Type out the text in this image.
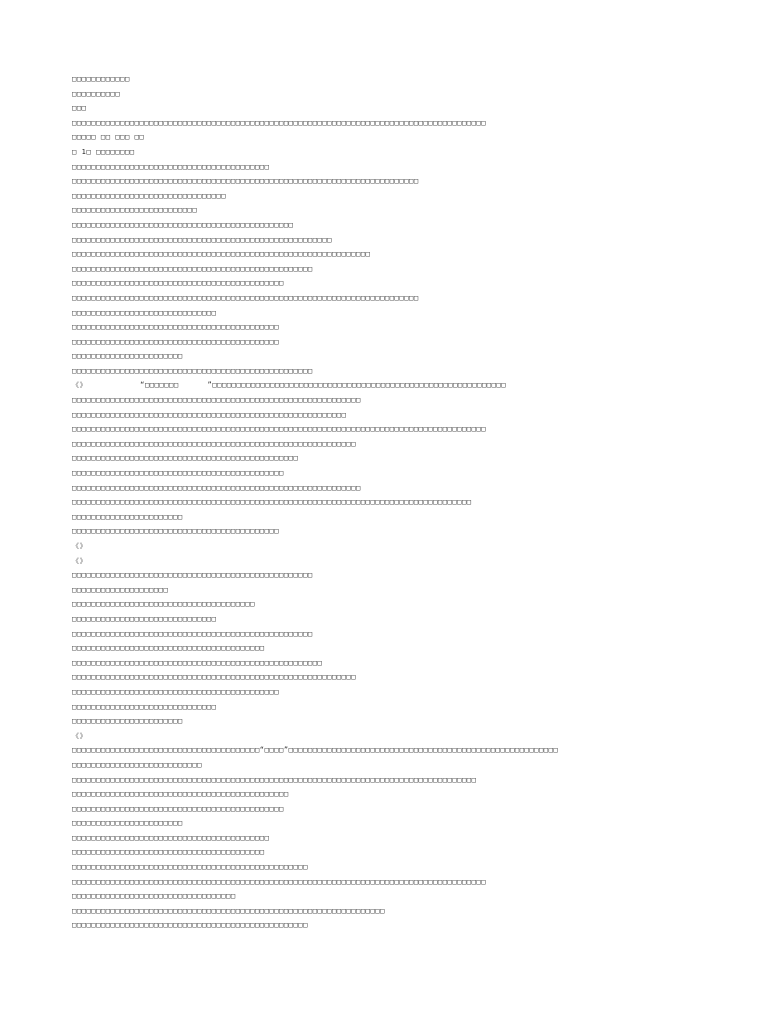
□□□□□□□□□□□□
□□□□□□□□□□
□□□
□□□□□□□□□□□□□□□□□□□□□□□□□□□□□□□□□□□□□□□□□□□□□□□□□□□□□□□□□□□□□□□□□□□□□□□□□□□□□□□□□□□□□□
□□□□□ □□ □□□ □□
□ 1□ □□□□□□□□
□□□□□□□□□□□□□□□□□□□□□□□□□□□□□□□□□□□□□□□□□
□□□□□□□□□□□□□□□□□□□□□□□□□□□□□□□□□□□□□□□□□□□□□□□□□□□□□□□□□□□□□□□□□□□□□□□□
□□□□□□□□□□□□□□□□□□□□□□□□□□□□□□□□
□□□□□□□□□□□□□□□□□□□□□□□□□□
□□□□□□□□□□□□□□□□□□□□□□□□□□□□□□□□□□□□□□□□□□□□□□
□□□□□□□□□□□□□□□□□□□□□□□□□□□□□□□□□□□□□□□□□□□□□□□□□□□□□□
□□□□□□□□□□□□□□□□□□□□□□□□□□□□□□□□□□□□□□□□□□□□□□□□□□□□□□□□□□□□□□
□□□□□□□□□□□□□□□□□□□□□□□□□□□□□□□□□□□□□□□□□□□□□□□□□□
□□□□□□□□□□□□□□□□□□□□□□□□□□□□□□□□□□□□□□□□□□□□
□□□□□□□□□□□□□□□□□□□□□□□□□□□□□□□□□□□□□□□□□□□□□□□□□□□□□□□□□□□□□□□□□□□□□□□□
□□□□□□□□□□□□□□□□□□□□□□□□□□□□□□
□□□□□□□□□□□□□□□□□□□□□□□□□□□□□□□□□□□□□□□□□□□
□□□□□□□□□□□□□□□□□□□□□□□□□□□□□□□□□□□□□□□□□□□
□□□□□□□□□□□□□□□□□□□□□□□
□□□□□□□□□□□□□□□□□□□□□□□□□□□□□□□□□□□□□□□□□□□□□□□□□□
《》           “□□□□□□□      ”□□□□□□□□□□□□□□□□□□□□□□□□□□□□□□□□□□□□□□□□□□□□□□□□□□□□□□□□□□□□□
□□□□□□□□□□□□□□□□□□□□□□□□□□□□□□□□□□□□□□□□□□□□□□□□□□□□□□□□□□□□
□□□□□□□□□□□□□□□□□□□□□□□□□□□□□□□□□□□□□□□□□□□□□□□□□□□□□□□□□
□□□□□□□□□□□□□□□□□□□□□□□□□□□□□□□□□□□□□□□□□□□□□□□□□□□□□□□□□□□□□□□□□□□□□□□□□□□□□□□□□□□□□□
□□□□□□□□□□□□□□□□□□□□□□□□□□□□□□□□□□□□□□□□□□□□□□□□□□□□□□□□□□□
□□□□□□□□□□□□□□□□□□□□□□□□□□□□□□□□□□□□□□□□□□□□□□□
□□□□□□□□□□□□□□□□□□□□□□□□□□□□□□□□□□□□□□□□□□□□
□□□□□□□□□□□□□□□□□□□□□□□□□□□□□□□□□□□□□□□□□□□□□□□□□□□□□□□□□□□□
□□□□□□□□□□□□□□□□□□□□□□□□□□□□□□□□□□□□□□□□□□□□□□□□□□□□□□□□□□□□□□□□□□□□□□□□□□□□□□□□□□□
□□□□□□□□□□□□□□□□□□□□□□□
□□□□□□□□□□□□□□□□□□□□□□□□□□□□□□□□□□□□□□□□□□□
《》
《》
□□□□□□□□□□□□□□□□□□□□□□□□□□□□□□□□□□□□□□□□□□□□□□□□□□
□□□□□□□□□□□□□□□□□□□□
□□□□□□□□□□□□□□□□□□□□□□□□□□□□□□□□□□□□□□
□□□□□□□□□□□□□□□□□□□□□□□□□□□□□□
□□□□□□□□□□□□□□□□□□□□□□□□□□□□□□□□□□□□□□□□□□□□□□□□□□
□□□□□□□□□□□□□□□□□□□□□□□□□□□□□□□□□□□□□□□□
□□□□□□□□□□□□□□□□□□□□□□□□□□□□□□□□□□□□□□□□□□□□□□□□□□□□
□□□□□□□□□□□□□□□□□□□□□□□□□□□□□□□□□□□□□□□□□□□□□□□□□□□□□□□□□□□
□□□□□□□□□□□□□□□□□□□□□□□□□□□□□□□□□□□□□□□□□□□
□□□□□□□□□□□□□□□□□□□□□□□□□□□□□□
□□□□□□□□□□□□□□□□□□□□□□□
《》
□□□□□□□□□□□□□□□□□□□□□□□□□□□□□□□□□□□□□□□“□□□□”□□□□□□□□□□□□□□□□□□□□□□□□□□□□□□□□□□□□□□□□□□□□□□□□□□□□□□□□
□□□□□□□□□□□□□□□□□□□□□□□□□□□
□□□□□□□□□□□□□□□□□□□□□□□□□□□□□□□□□□□□□□□□□□□□□□□□□□□□□□□□□□□□□□□□□□□□□□□□□□□□□□□□□□□□
□□□□□□□□□□□□□□□□□□□□□□□□□□□□□□□□□□□□□□□□□□□□□
□□□□□□□□□□□□□□□□□□□□□□□□□□□□□□□□□□□□□□□□□□□□
□□□□□□□□□□□□□□□□□□□□□□□
□□□□□□□□□□□□□□□□□□□□□□□□□□□□□□□□□□□□□□□□□
□□□□□□□□□□□□□□□□□□□□□□□□□□□□□□□□□□□□□□□□
□□□□□□□□□□□□□□□□□□□□□□□□□□□□□□□□□□□□□□□□□□□□□□□□□
□□□□□□□□□□□□□□□□□□□□□□□□□□□□□□□□□□□□□□□□□□□□□□□□□□□□□□□□□□□□□□□□□□□□□□□□□□□□□□□□□□□□□□
□□□□□□□□□□□□□□□□□□□□□□□□□□□□□□□□□□
□□□□□□□□□□□□□□□□□□□□□□□□□□□□□□□□□□□□□□□□□□□□□□□□□□□□□□□□□□□□□□□□□
□□□□□□□□□□□□□□□□□□□□□□□□□□□□□□□□□□□□□□□□□□□□□□□□□
